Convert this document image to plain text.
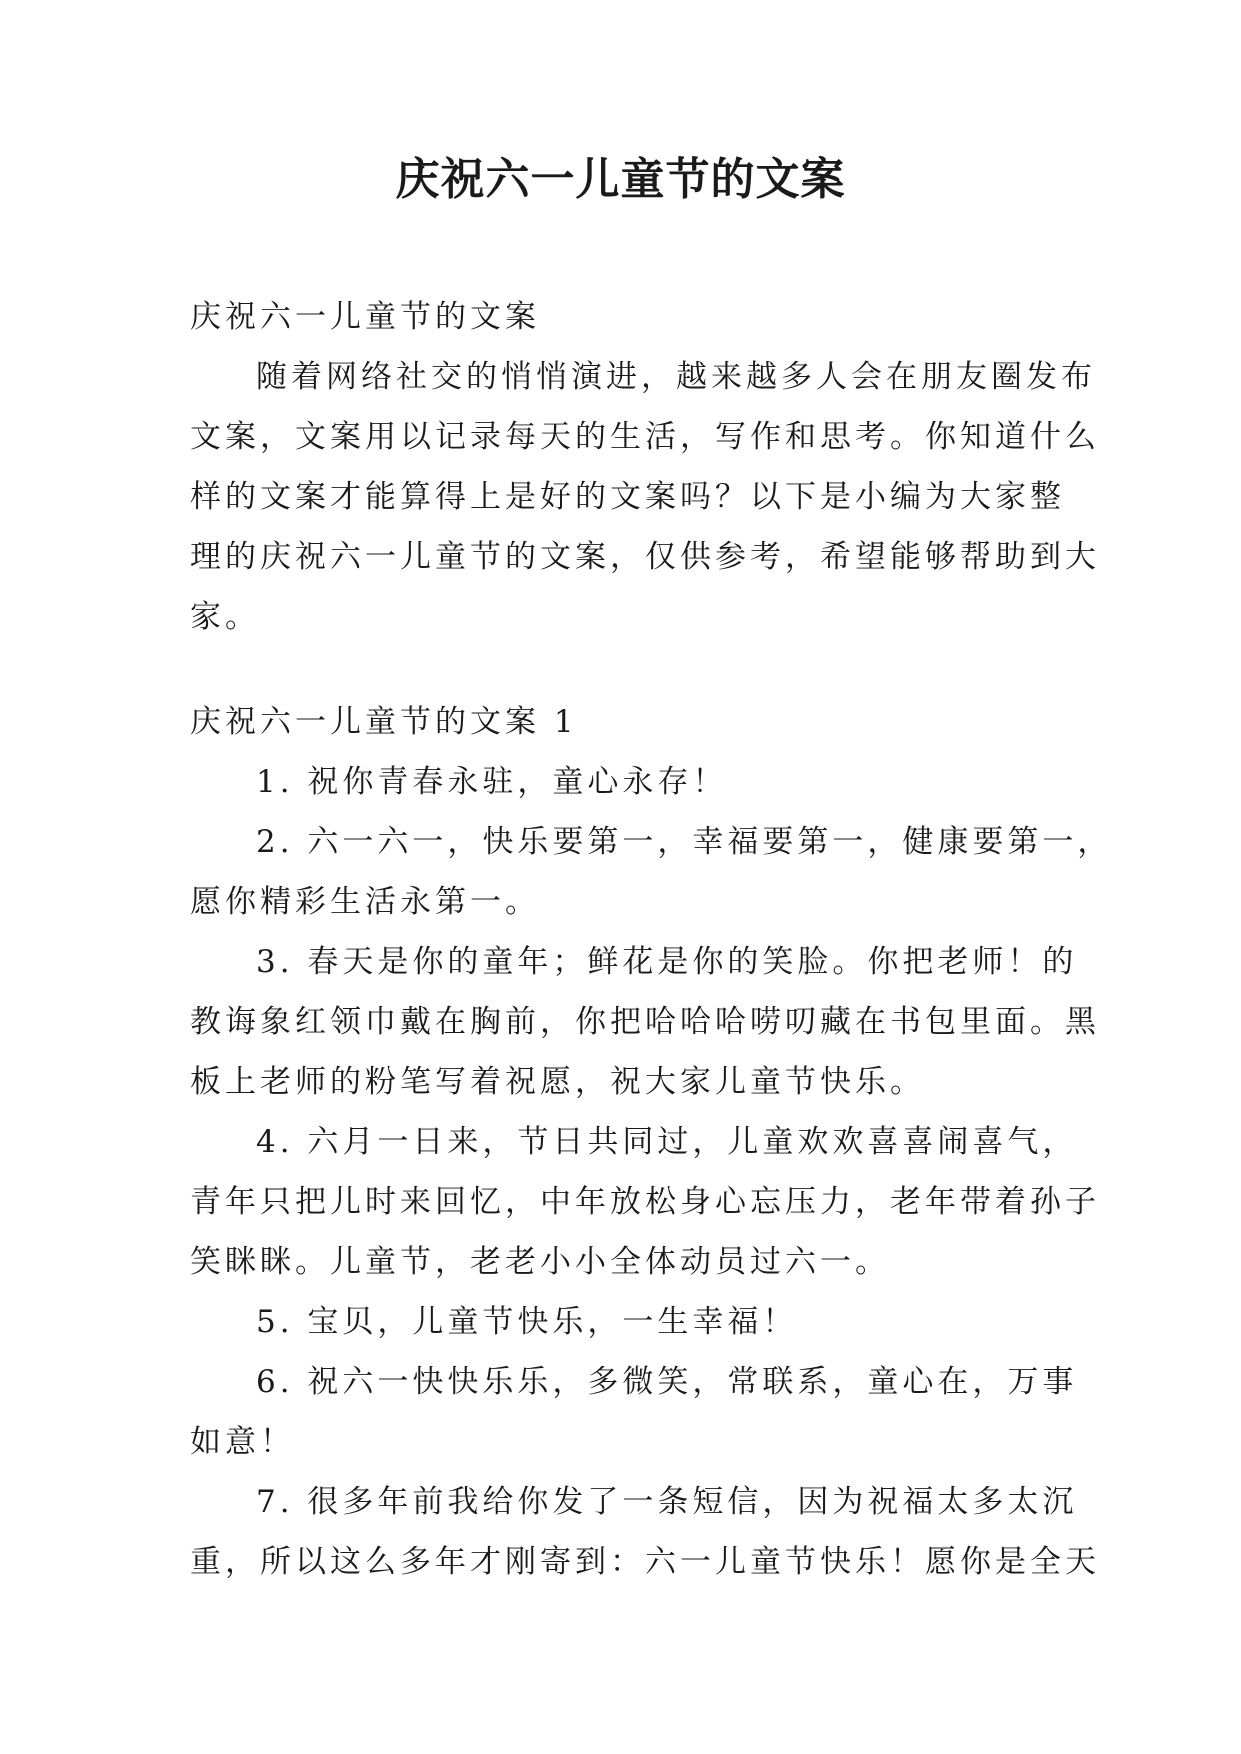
庆祝六一儿童节的文案
庆祝六一儿童节的文案
随着网络社交的悄悄演进，越来越多人会在朋友圈发布
文案，文案用以记录每天的生活，写作和思考。你知道什么
样的文案才能算得上是好的文案吗？以下是小编为大家整
理的庆祝六一儿童节的文案，仅供参考，希望能够帮助到大
家。
庆祝六一儿童节的文案 1
1. 祝你青春永驻，童心永存！
2. 六一六一，快乐要第一，幸福要第一，健康要第一，
愿你精彩生活永第一。
3. 春天是你的童年；鲜花是你的笑脸。你把老师！的
教诲象红领巾戴在胸前，你把哈哈哈唠叨藏在书包里面。黑
板上老师的粉笔写着祝愿，祝大家儿童节快乐。
4. 六月一日来，节日共同过，儿童欢欢喜喜闹喜气，
青年只把儿时来回忆，中年放松身心忘压力，老年带着孙子
笑眯眯。儿童节，老老小小全体动员过六一。
5. 宝贝，儿童节快乐，一生幸福！
6. 祝六一快快乐乐，多微笑，常联系，童心在，万事
如意！
7. 很多年前我给你发了一条短信，因为祝福太多太沉
重，所以这么多年才刚寄到：六一儿童节快乐！愿你是全天
